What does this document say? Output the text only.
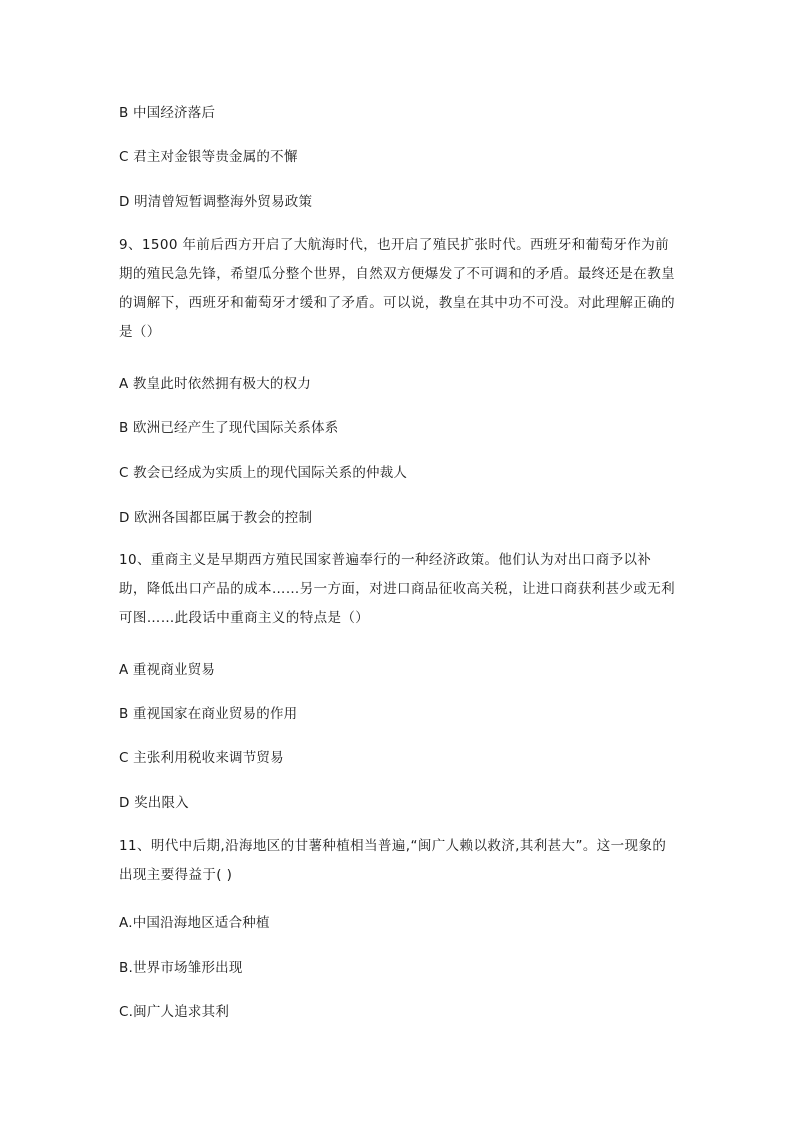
B 中国经济落后
C 君主对金银等贵金属的不懈
D 明清曾短暂调整海外贸易政策
9、1500 年前后西方开启了大航海时代，也开启了殖民扩张时代。西班牙和葡萄牙作为前期的殖民急先锋，希望瓜分整个世界，自然双方便爆发了不可调和的矛盾。最终还是在教皇的调解下，西班牙和葡萄牙才缓和了矛盾。可以说，教皇在其中功不可没。对此理解正确的是（）
A 教皇此时依然拥有极大的权力
B 欧洲已经产生了现代国际关系体系
C 教会已经成为实质上的现代国际关系的仲裁人
D 欧洲各国都臣属于教会的控制
10、重商主义是早期西方殖民国家普遍奉行的一种经济政策。他们认为对出口商予以补助，降低出口产品的成本……另一方面，对进口商品征收高关税，让进口商获利甚少或无利可图……此段话中重商主义的特点是（）
A 重视商业贸易
B 重视国家在商业贸易的作用
C 主张利用税收来调节贸易
D 奖出限入
11、明代中后期,沿海地区的甘薯种植相当普遍,“闽广人赖以救济,其利甚大”。这一现象的出现主要得益于( )
A.中国沿海地区适合种植
B.世界市场雏形出现
C.闽广人追求其利
